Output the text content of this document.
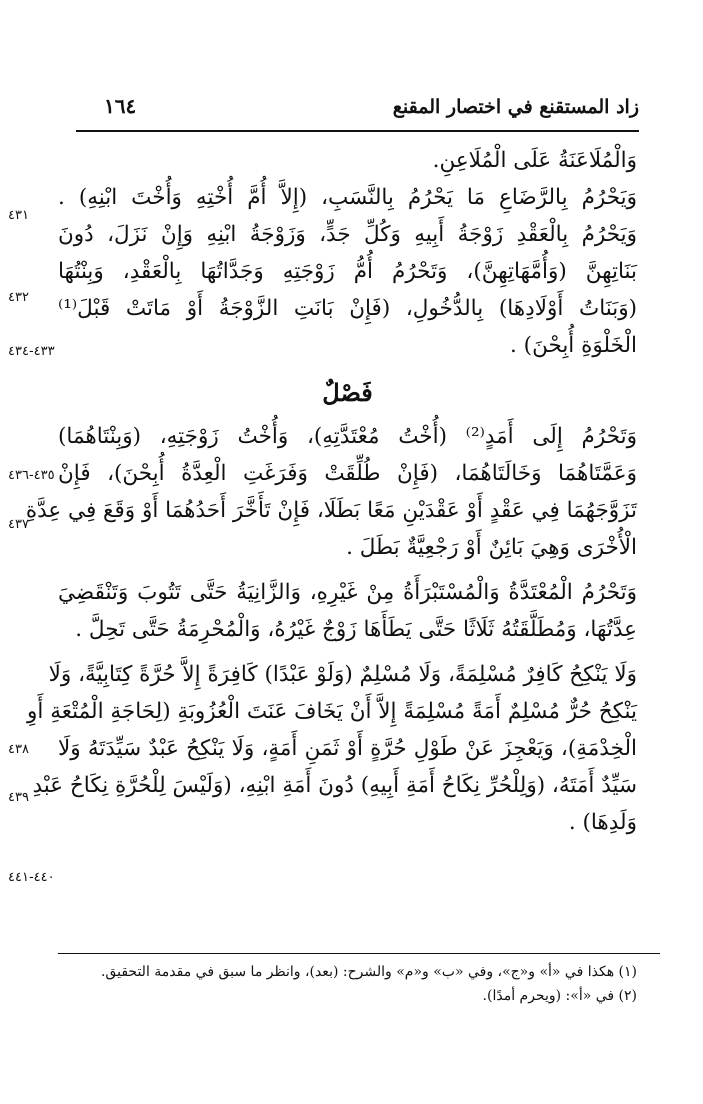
١٦٤	زاد المستقنع في اختصار المقنع
٤٣١
٤٣٢
٤٣٣-٤٣٤
٤٣٥-٤٣٦
٤٣٧
٤٣٨
٤٣٩
٤٤٠-٤٤١
وَالْمُلَاعَنَةُ عَلَى الْمُلَاعِنِ.
وَيَحْرُمُ بِالرَّضَاعِ مَا يَحْرُمُ بِالنَّسَبِ، (إِلاَّ أُمَّ أُخْتِهِ وَأُخْتَ ابْنِهِ) .
وَيَحْرُمُ بِالْعَقْدِ زَوْجَةُ أَبِيهِ وَكُلِّ جَدٍّ، وَزَوْجَةُ ابْنِهِ وَإِنْ نَزَلَ، دُونَ
بَنَاتِهِنَّ (وَأُمَّهَاتِهِنَّ)، وَتَحْرُمُ أُمُّ زَوْجَتِهِ وَجَدَّاتُهَا بِالْعَقْدِ، وَبِنْتُهَا
(وَبَنَاتُ أَوْلَادِهَا) بِالدُّخُولِ، (فَإِنْ بَانَتِ الزَّوْجَةُ أَوْ مَاتَتْ قَبْلَ⁽¹⁾
الْخَلْوَةِ أُبِحْنَ) .
فَصْلٌ
وَتَحْرُمُ إِلَى أَمَدٍ⁽²⁾ (أُخْتُ مُعْتَدَّتِهِ)، وَأُخْتُ زَوْجَتِهِ، (وَبِنْتَاهُمَا)
وَعَمَّتَاهُمَا وَخَالَتَاهُمَا، (فَإِنْ طُلِّقَتْ وَفَرَغَتِ الْعِدَّةُ أُبِحْنَ)، فَإِنْ
تَزَوَّجَهُمَا فِي عَقْدٍ أَوْ عَقْدَيْنِ مَعًا بَطَلَا، فَإِنْ تَأَخَّرَ أَحَدُهُمَا أَوْ وَقَعَ فِي عِدَّةِ
الْأُخْرَى وَهِيَ بَائِنٌ أَوْ رَجْعِيَّةٌ بَطَلَ .
وَتَحْرُمُ الْمُعْتَدَّةُ وَالْمُسْتَبْرَأَةُ مِنْ غَيْرِهِ، وَالزَّانِيَةُ حَتَّى تَتُوبَ وَتَنْقَضِيَ
عِدَّتُهَا، وَمُطَلَّقَتُهُ ثَلَاثًا حَتَّى يَطَأَهَا زَوْجٌ غَيْرُهُ، وَالْمُحْرِمَةُ حَتَّى تَحِلَّ .
وَلَا يَنْكِحُ كَافِرٌ مُسْلِمَةً، وَلَا مُسْلِمٌ (وَلَوْ عَبْدًا) كَافِرَةً إِلاَّ حُرَّةً كِتَابِيَّةً، وَلَا
يَنْكِحُ حُرٌّ مُسْلِمٌ أَمَةً مُسْلِمَةً إِلاَّ أَنْ يَخَافَ عَنَتَ الْعُزُوبَةِ (لِحَاجَةِ الْمُتْعَةِ أَوِ
الْخِدْمَةِ)، وَيَعْجِزَ عَنْ طَوْلِ حُرَّةٍ أَوْ ثَمَنِ أَمَةٍ، وَلَا يَنْكِحُ عَبْدٌ سَيِّدَتَهُ وَلَا
سَيِّدٌ أَمَتَهُ، (وَلِلْحُرِّ نِكَاحُ أَمَةِ أَبِيهِ) دُونَ أَمَةِ ابْنِهِ، (وَلَيْسَ لِلْحُرَّةِ نِكَاحُ عَبْدِ
وَلَدِهَا) .
(١) هكذا في «أ» و«ج»، وفي «ب» و«م» والشرح: (بعد)، وانظر ما سبق في مقدمة التحقيق.
(٢) في «أ»: (ويحرم أمدًا).
